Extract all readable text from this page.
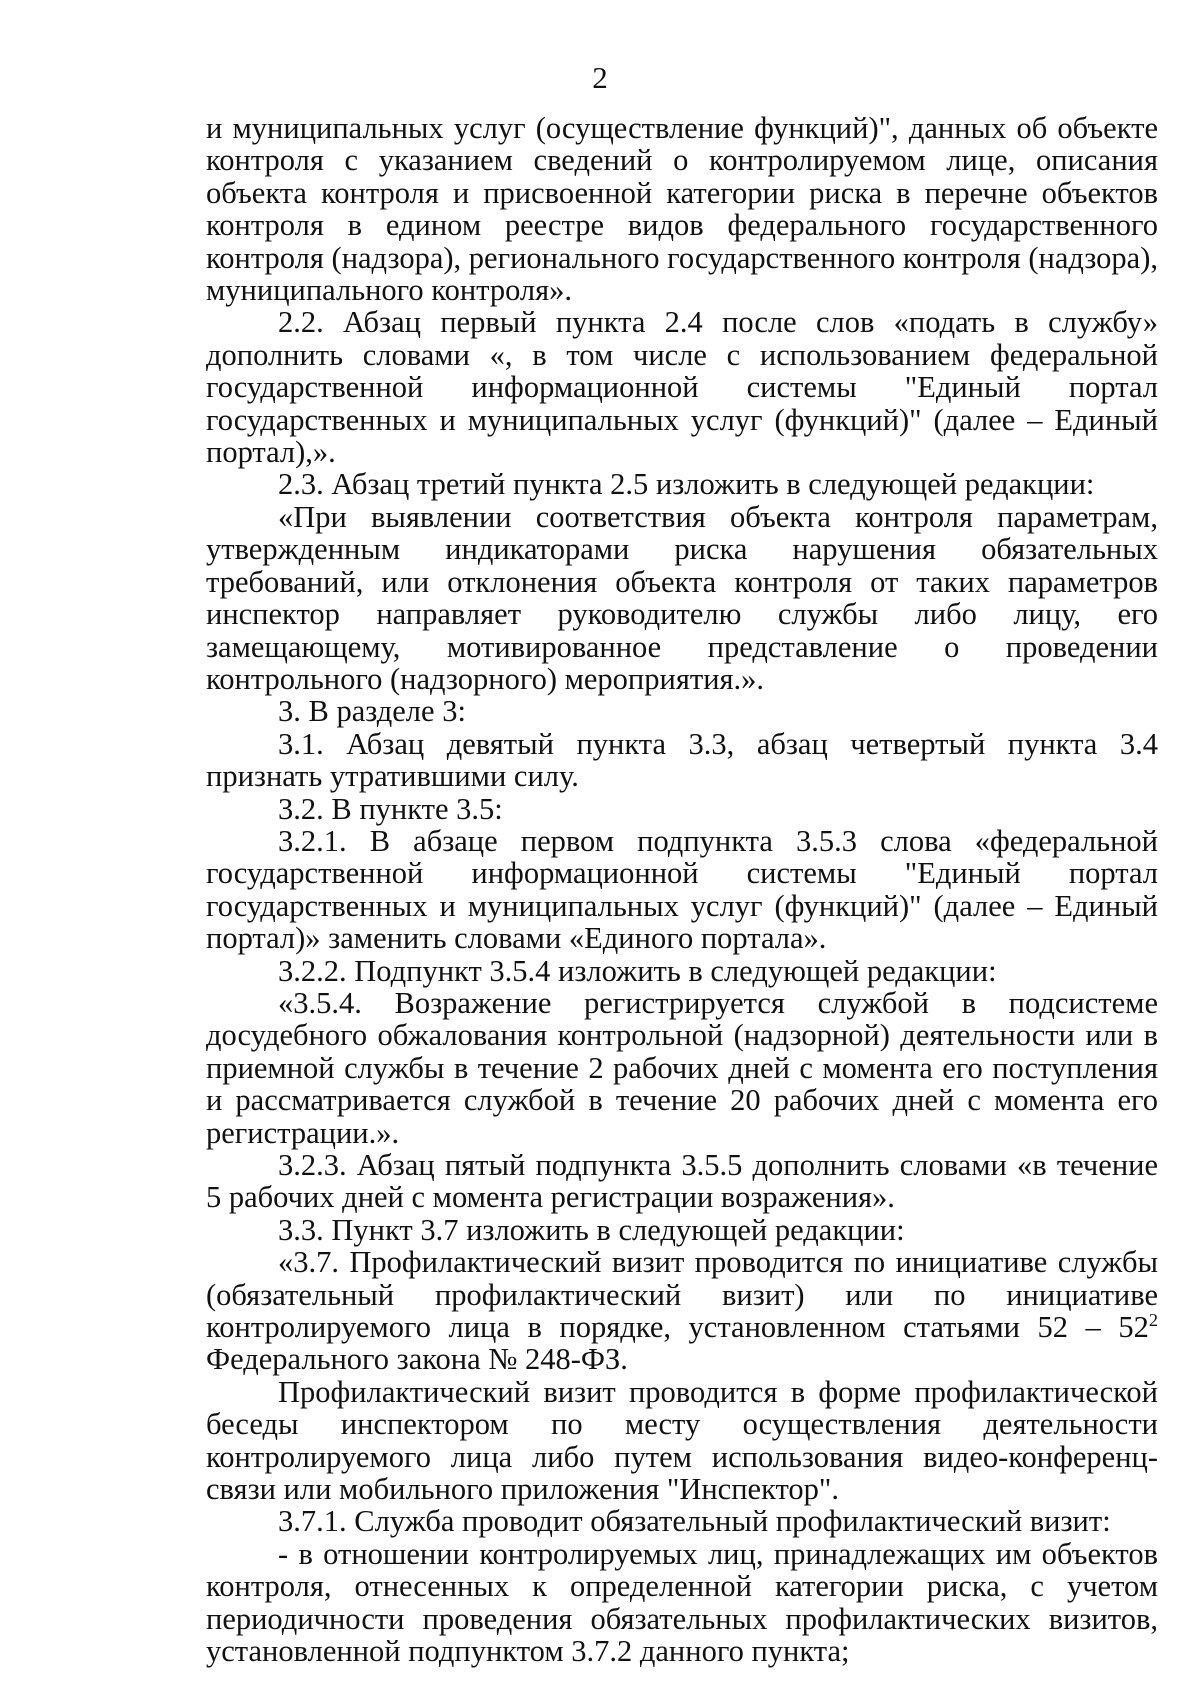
2

и муниципальных услуг (осуществление функций)", данных об объекте контроля с указанием сведений о контролируемом лице, описания объекта контроля и присвоенной категории риска в перечне объектов контроля в едином реестре видов федерального государственного контроля (надзора), регионального государственного контроля (надзора), муниципального контроля».

2.2. Абзац первый пункта 2.4 после слов «подать в службу» дополнить словами «, в том числе с использованием федеральной государственной информационной системы "Единый портал государственных и муниципальных услуг (функций)" (далее – Единый портал),».

2.3. Абзац третий пункта 2.5 изложить в следующей редакции:

«При выявлении соответствия объекта контроля параметрам, утвержденным индикаторами риска нарушения обязательных требований, или отклонения объекта контроля от таких параметров инспектор направляет руководителю службы либо лицу, его замещающему, мотивированное представление о проведении контрольного (надзорного) мероприятия.».

3. В разделе 3:

3.1. Абзац девятый пункта 3.3, абзац четвертый пункта 3.4 признать утратившими силу.

3.2. В пункте 3.5:

3.2.1. В абзаце первом подпункта 3.5.3 слова «федеральной государственной информационной системы "Единый портал государственных и муниципальных услуг (функций)" (далее – Единый портал)» заменить словами «Единого портала».

3.2.2. Подпункт 3.5.4 изложить в следующей редакции:

«3.5.4. Возражение регистрируется службой в подсистеме досудебного обжалования контрольной (надзорной) деятельности или в приемной службы в течение 2 рабочих дней с момента его поступления и рассматривается службой в течение 20 рабочих дней с момента его регистрации.».

3.2.3. Абзац пятый подпункта 3.5.5 дополнить словами «в течение 5 рабочих дней с момента регистрации возражения».

3.3. Пункт 3.7 изложить в следующей редакции:

«3.7. Профилактический визит проводится по инициативе службы (обязательный профилактический визит) или по инициативе контролируемого лица в порядке, установленном статьями $52 - 52^2$ Федерального закона № 248-ФЗ.

Профилактический визит проводится в форме профилактической беседы инспектором по месту осуществления деятельности контролируемого лица либо путем использования видео-конференц-связи или мобильного приложения "Инспектор".

3.7.1. Служба проводит обязательный профилактический визит:

- в отношении контролируемых лиц, принадлежащих им объектов контроля, отнесенных к определенной категории риска, с учетом периодичности проведения обязательных профилактических визитов, установленной подпунктом 3.7.2 данного пункта;
